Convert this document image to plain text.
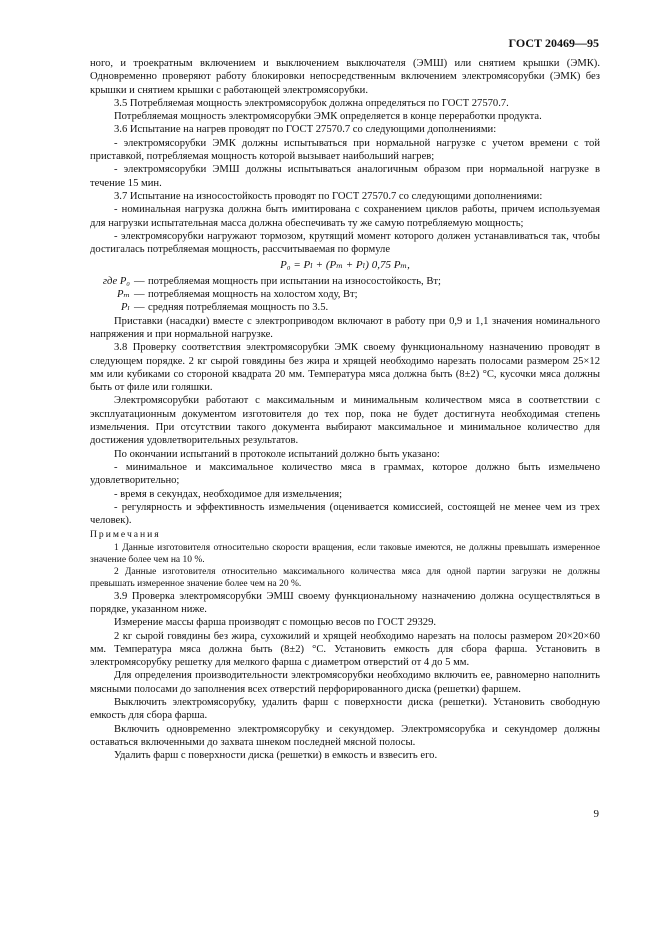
ГОСТ 20469—95

ного, и троекратным включением и выключением выключателя (ЭМШ) или снятием крышки (ЭМК). Одновременно проверяют работу блокировки непосредственным включением электромясорубки (ЭМК) без крышки и снятием крышки с работающей электромясорубки.

3.5 Потребляемая мощность электромясорубок должна определяться по ГОСТ 27570.7.

Потребляемая мощность электромясорубки ЭМК определяется в конце переработки продукта.

3.6 Испытание на нагрев проводят по ГОСТ 27570.7 со следующими дополнениями:

- электромясорубки ЭМК должны испытываться при нормальной нагрузке с учетом времени с той приставкой, потребляемая мощность которой вызывает наибольший нагрев;

- электромясорубки ЭМШ должны испытываться аналогичным образом при нормальной нагрузке в течение 15 мин.

3.7 Испытание на износостойкость проводят по ГОСТ 27570.7 со следующими дополнениями:

- номинальная нагрузка должна быть имитирована с сохранением циклов работы, причем используемая для нагрузки испытательная масса должна обеспечивать ту же самую потребляемую мощность;

- электромясорубки нагружают тормозом, крутящий момент которого должен устанавливаться так, чтобы достигалась потребляемая мощность, рассчитываемая по формуле

P₀ = Pₗ + (Pₘ + Pₗ) 0,75 Pₘ,

где P₀ — потребляемая мощность при испытании на износостойкость, Вт;
Pₘ — потребляемая мощность на холостом ходу, Вт;
Pₗ — средняя потребляемая мощность по 3.5.

Приставки (насадки) вместе с электроприводом включают в работу при 0,9 и 1,1 значения номинального напряжения и при нормальной нагрузке.

3.8 Проверку соответствия электромясорубки ЭМК своему функциональному назначению проводят в следующем порядке. 2 кг сырой говядины без жира и хрящей необходимо нарезать полосами размером 25×12 мм или кубиками со стороной квадрата 20 мм. Температура мяса должна быть (8±2) °С, кусочки мяса должны быть от филе или голяшки.

Электромясорубки работают с максимальным и минимальным количеством мяса в соответствии с эксплуатационным документом изготовителя до тех пор, пока не будет достигнута необходимая степень измельчения. При отсутствии такого документа выбирают максимальное и минимальное количество для достижения удовлетворительных результатов.

По окончании испытаний в протоколе испытаний должно быть указано:

- минимальное и максимальное количество мяса в граммах, которое должно быть измельчено удовлетворительно;

- время в секундах, необходимое для измельчения;

- регулярность и эффективность измельчения (оценивается комиссией, состоящей не менее чем из трех человек).

Примечания

1 Данные изготовителя относительно скорости вращения, если таковые имеются, не должны превышать измеренное значение более чем на 10 %.

2 Данные изготовителя относительно максимального количества мяса для одной партии загрузки не должны превышать измеренное значение более чем на 20 %.

3.9 Проверка электромясорубки ЭМШ своему функциональному назначению должна осуществляться в порядке, указанном ниже.

Измерение массы фарша производят с помощью весов по ГОСТ 29329.

2 кг сырой говядины без жира, сухожилий и хрящей необходимо нарезать на полосы размером 20×20×60 мм. Температура мяса должна быть (8±2) °С. Установить емкость для сбора фарша. Установить в электромясорубку решетку для мелкого фарша с диаметром отверстий от 4 до 5 мм.

Для определения производительности электромясорубки необходимо включить ее, равномерно наполнить мясными полосами до заполнения всех отверстий перфорированного диска (решетки) фаршем.

Выключить электромясорубку, удалить фарш с поверхности диска (решетки). Установить свободную емкость для сбора фарша.

Включить одновременно электромясорубку и секундомер. Электромясорубка и секундомер должны оставаться включенными до захвата шнеком последней мясной полосы.

Удалить фарш с поверхности диска (решетки) в емкость и взвесить его.

9
